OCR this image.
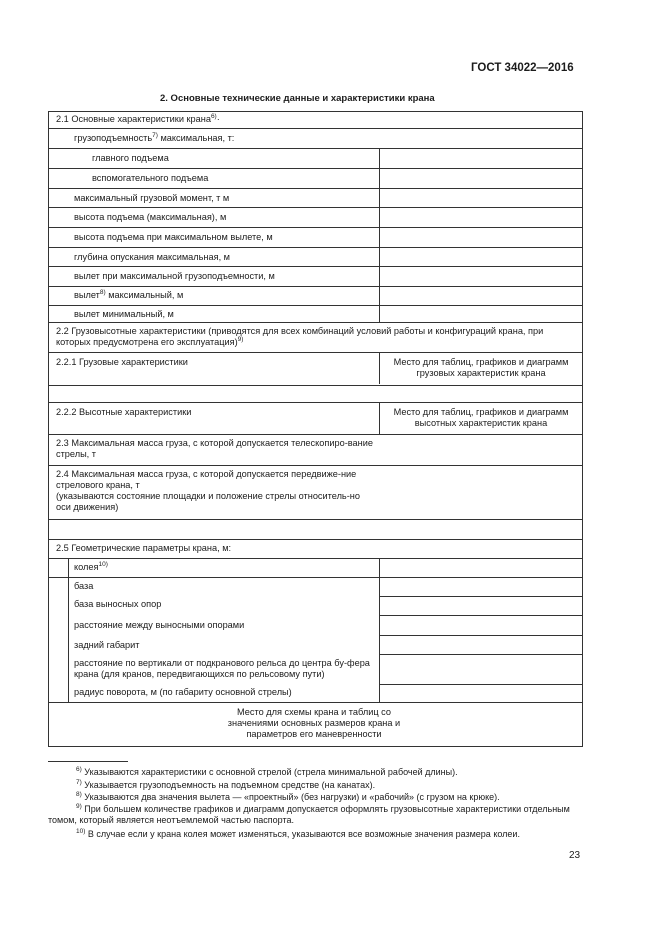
ГОСТ 34022—2016
2. Основные технические данные и характеристики крана
2.1 Основные характеристики крана$^{6)}$·
грузоподъемность$^{7)}$ максимальная, т:
главного подъема
вспомогательного подъема
максимальный грузовой момент, т м
высота подъема (максимальная), м
высота подъема при максимальном вылете, м
глубина опускания максимальная, м
вылет при максимальной грузоподъемности, м
вылет$^{8)}$ максимальный, м
вылет минимальный, м
2.2 Грузовысотные характеристики (приводятся для всех комбинаций условий работы и конфигураций крана, при которых предусмотрена его эксплуатация)$^{9)}$
2.2.1 Грузовые характеристики	Место для таблиц, графиков и диаграмм грузовых характеристик крана
2.2.2 Высотные характеристики	Место для таблиц, графиков и диаграмм высотных характеристик крана
2.3 Максимальная масса груза, с которой допускается телескопиро-вание стрелы, т
2.4 Максимальная масса груза, с которой допускается передвиже-ние стрелового крана, т
(указываются состояние площадки и положение стрелы относитель-но оси движения)
2.5 Геометрические параметры крана, м:
колея$^{10)}$
база
база выносных опор
расстояние между выносными опорами
задний габарит
расстояние по вертикали от подкранового рельса до центра бу-фера крана (для кранов, передвигающихся по рельсовому пути)
радиус поворота, м (по габариту основной стрелы)
Место для схемы крана и таблиц со значениями основных размеров крана и параметров его маневренности
$^{6)}$ Указываются характеристики с основной стрелой (стрела минимальной рабочей длины).
$^{7)}$ Указывается грузоподъемность на подъемном средстве (на канатах).
$^{8)}$ Указываются два значения вылета — «проектный» (без нагрузки) и «рабочий» (с грузом на крюке).
$^{9)}$ При большем количестве графиков и диаграмм допускается оформлять грузовысотные характеристики отдельным томом, который является неотъемлемой частью паспорта.
$^{10)}$ В случае если у крана колея может изменяться, указываются все возможные значения размера колеи.
23
